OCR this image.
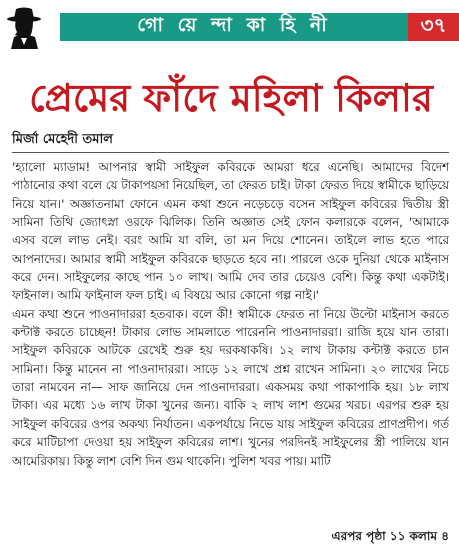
গো য়ে ন্দা কা হি নী	৩৭
প্রেমের ফাঁদে মহিলা কিলার
মির্জা মেহেদী তমাল

'হ্যালো ম্যাডাম! আপনার স্বামী সাইফুল কবিরকে আমরা ধরে এনেছি। আমাদের বিদেশ পাঠানোর কথা বলে যে টাকাপয়সা নিয়েছিল, তা ফেরত চাই। টাকা ফেরত দিয়ে স্বামীকে ছাড়িয়ে নিয়ে যান।' অজ্ঞাতনামা ফোনে এমন কথা শুনে নড়েচড়ে বসেন সাইফুল কবিরের দ্বিতীয় স্ত্রী সামিনা তিথি জ্যোৎস্না ওরফে ঝিলিক। তিনি অজ্ঞাত সেই ফোন কলারকে বলেন, 'আমাকে এসব বলে লাভ নেই। বরং আমি যা বলি, তা মন দিয়ে শোনেন। তাইলে লাভ হতে পারে আপনাদের। আমার স্বামী সাইফুল কবিরকে ছাড়তে হবে না। পারলে ওকে দুনিয়া থেকে মাইনাস করে দেন। সাইফুলের কাছে পান ১০ লাখ। আমি দেব তার চেয়েও বেশি। কিন্তু কথা একটাই। ফাইনাল। আমি ফাইনাল ফল চাই। এ বিষয়ে আর কোনো গল্প নাই।'

এমন কথা শুনে পাওনাদাররা হতবাক। বলে কী! স্বামীকে ফেরত না নিয়ে উল্টো মাইনাস করতে কন্টাক্ট করতে চাচ্ছেন! টাকার লোভ সামলাতে পারেননি পাওনাদাররা। রাজি হয়ে যান তারা। সাইফুল কবিরকে আটকে রেখেই শুরু হয় দরকষাকষি। ১২ লাখ টাকায় কন্টাক্ট করতে চান সামিনা। কিন্তু মানেন না পাওনাদাররা। সাড়ে ১২ লাখে প্রশ্ন রাখেন সামিনা। ২০ লাখের নিচে তারা নামবেন না— সাফ জানিয়ে দেন পাওনাদাররা। একসময় কথা পাকাপাকি হয়। ১৮ লাখ টাকা। এর মধ্যে ১৬ লাখ টাকা খুনের জন্য। বাকি ২ লাখ লাশ গুমের খরচ। এরপর শুরু হয় সাইফুল কবিরের ওপর অকথ্য নির্যাতন। একপর্যায়ে নিভে যায় সাইফুল কবিরের প্রাণপ্রদীপ। গর্ত করে মাটিচাপা দেওয়া হয় সাইফুল কবিরের লাশ। খুনের পরদিনই সাইফুলের স্ত্রী পালিয়ে যান আমেরিকায়। কিন্তু লাশ বেশি দিন গুম থাকেনি। পুলিশ খবর পায়। মাটি

এরপর পৃষ্ঠা ১১ কলাম ৪
